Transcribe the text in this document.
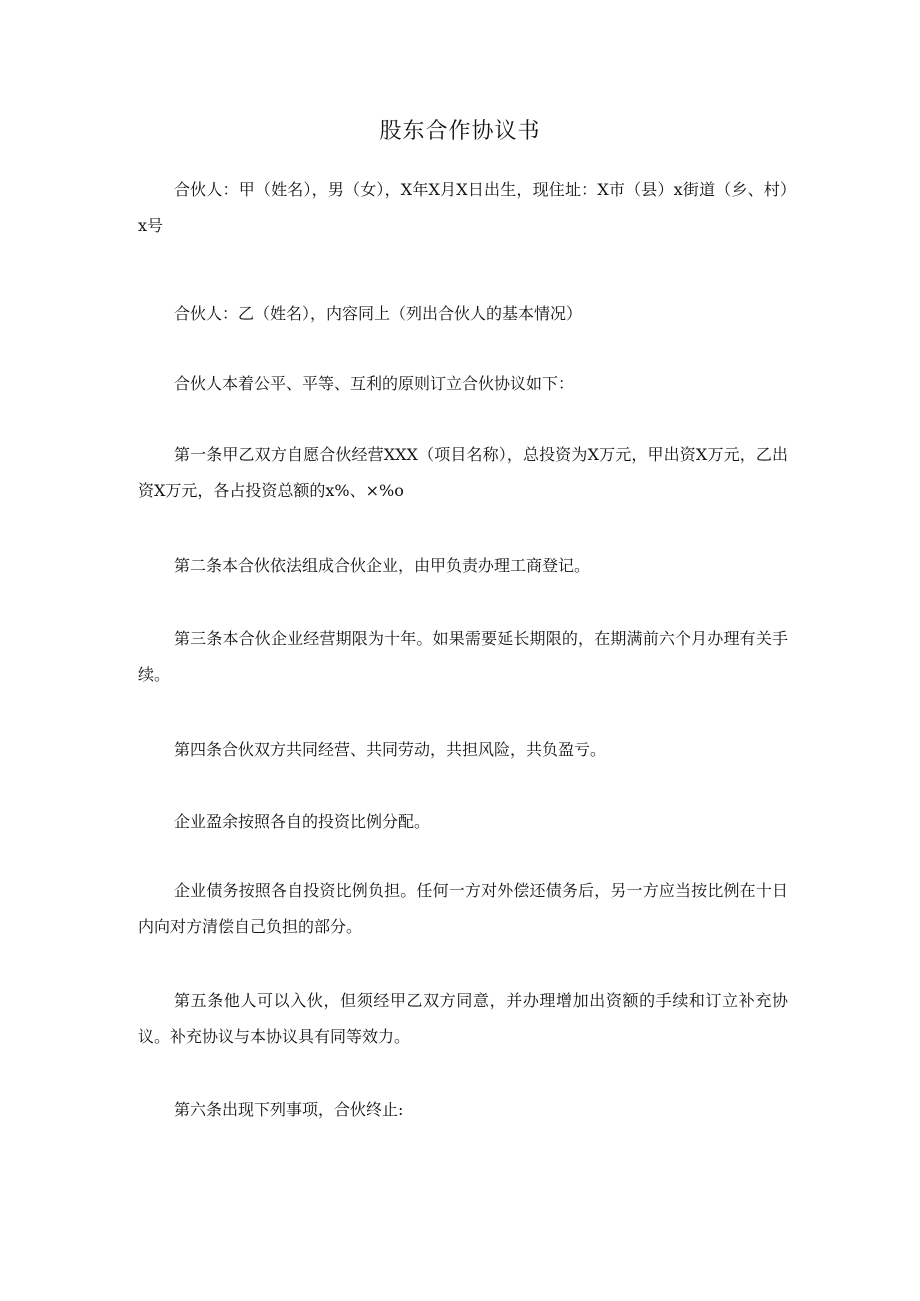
股东合作协议书

合伙人：甲（姓名），男（女），X年X月X日出生，现住址：X市（县）x街道（乡、村）x号

合伙人：乙（姓名），内容同上（列出合伙人的基本情况）

合伙人本着公平、平等、互利的原则订立合伙协议如下：

第一条甲乙双方自愿合伙经营XXX（项目名称），总投资为X万元，甲出资X万元，乙出资X万元，各占投资总额的x%、×%o

第二条本合伙依法组成合伙企业，由甲负责办理工商登记。

第三条本合伙企业经营期限为十年。如果需要延长期限的，在期满前六个月办理有关手续。

第四条合伙双方共同经营、共同劳动，共担风险，共负盈亏。

企业盈余按照各自的投资比例分配。

企业债务按照各自投资比例负担。任何一方对外偿还债务后，另一方应当按比例在十日内向对方清偿自己负担的部分。

第五条他人可以入伙，但须经甲乙双方同意，并办理增加出资额的手续和订立补充协议。补充协议与本协议具有同等效力。

第六条出现下列事项，合伙终止:
